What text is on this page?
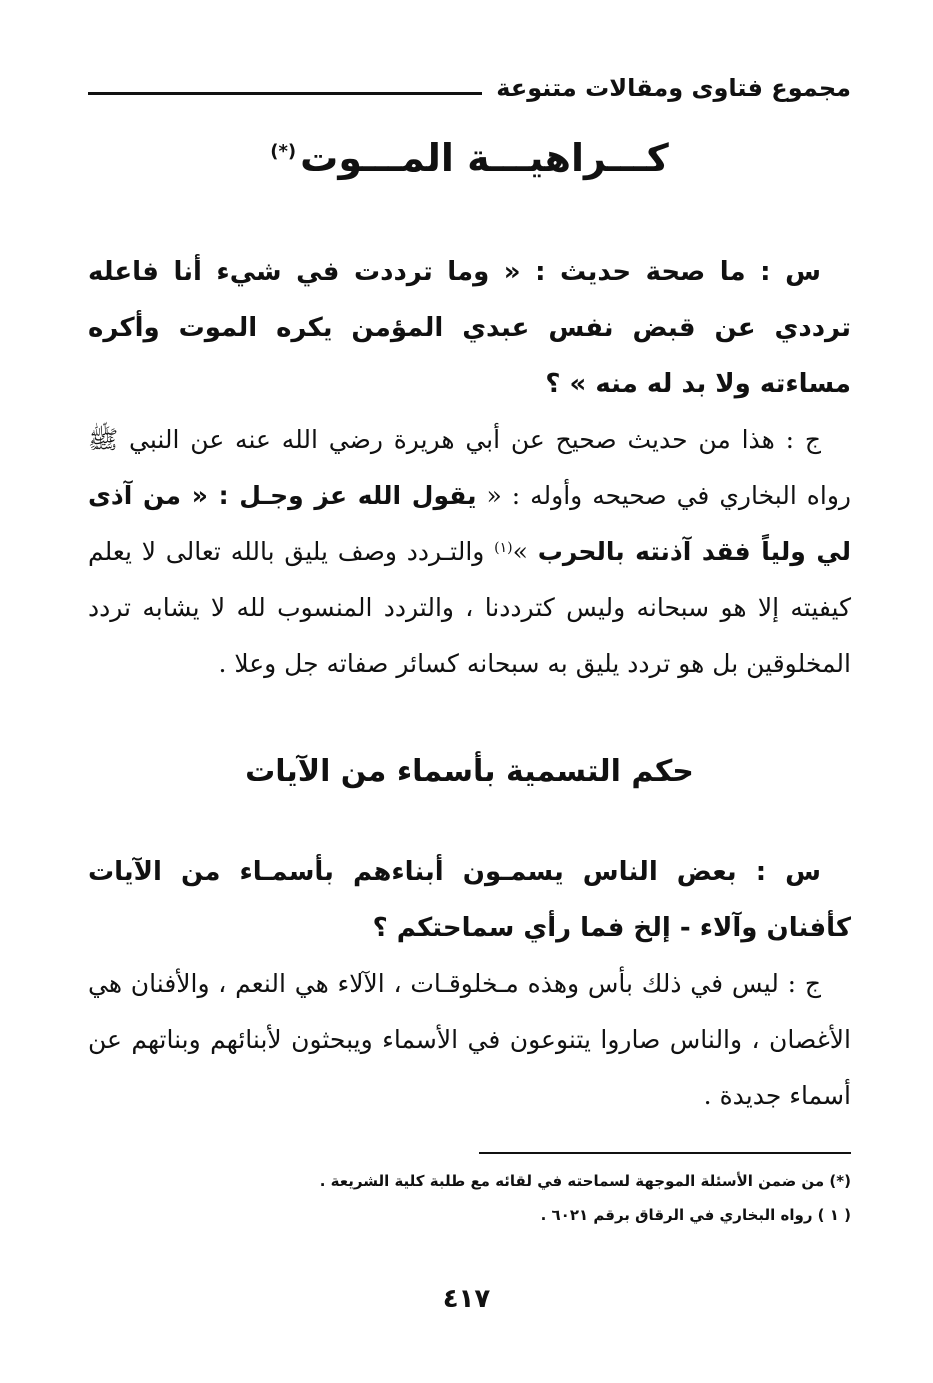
مجموع فتاوى ومقالات متنوعة
كـــراهيـــة المـــوت(*)
س : ما صحة حديث : « وما ترددت في شيء أنا فاعله ترددي عن قبض نفس عبدي المؤمن يكره الموت وأكره مساءته ولا بد له منه » ؟
ج : هذا من حديث صحيح عن أبي هريرة رضي الله عنه عن النبي ﷺ رواه البخاري في صحيحه وأوله : « يقول الله عز وجـل : « من آذى لي ولياً فقد آذنته بالحرب »$^{(١)}$ والتـردد وصف يليق بالله تعالى لا يعلم كيفيته إلا هو سبحانه وليس كترددنا ، والتردد المنسوب لله لا يشابه تردد المخلوقين بل هو تردد يليق به سبحانه كسائر صفاته جل وعلا .
حكم التسمية بأسماء من الآيات
س : بعض الناس يسمـون أبناءهم بأسمـاء من الآيات كأفنان وآلاء - إلخ فما رأي سماحتكم ؟
ج : ليس في ذلك بأس وهذه مـخلوقـات ، الآلاء هي النعم ، والأفنان هي الأغصان ، والناس صاروا يتنوعون في الأسماء ويبحثون لأبنائهم وبناتهم عن أسماء جديدة .
(*) من ضمن الأسئلة الموجهة لسماحته في لقائه مع طلبة كلية الشريعة .
( ١ ) رواه البخاري في الرقاق برقم ٦٠٢١ .
٤١٧
